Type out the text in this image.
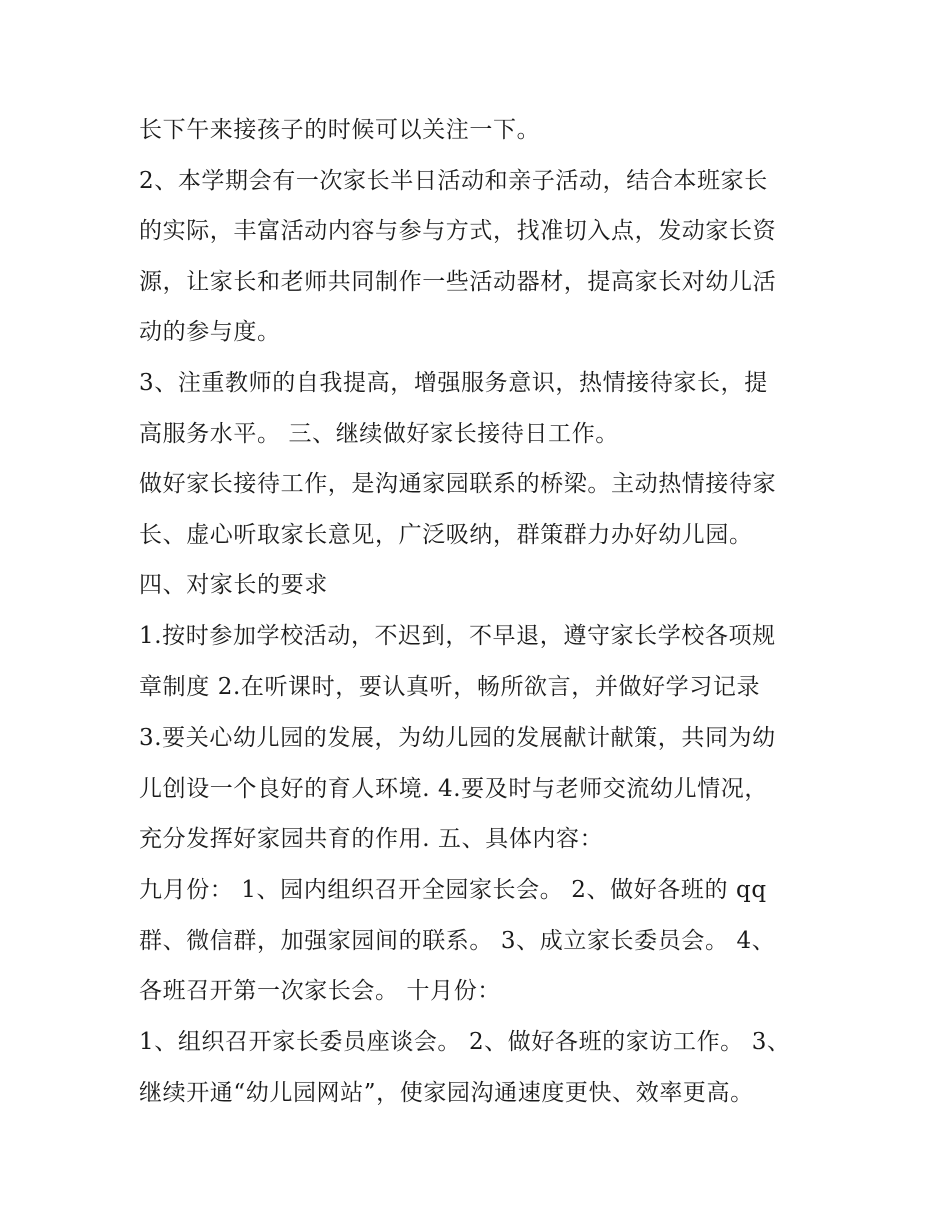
长下午来接孩子的时候可以关注一下。
2、本学期会有一次家长半日活动和亲子活动，结合本班家长
的实际，丰富活动内容与参与方式，找准切入点，发动家长资
源，让家长和老师共同制作一些活动器材，提高家长对幼儿活
动的参与度。
3、注重教师的自我提高，增强服务意识，热情接待家长，提
高服务水平。 三、继续做好家长接待日工作。
做好家长接待工作，是沟通家园联系的桥梁。主动热情接待家
长、虚心听取家长意见，广泛吸纳，群策群力办好幼儿园。
四、对家长的要求
1.按时参加学校活动，不迟到，不早退，遵守家长学校各项规
章制度 2.在听课时，要认真听，畅所欲言，并做好学习记录
3.要关心幼儿园的发展，为幼儿园的发展献计献策，共同为幼
儿创设一个良好的育人环境. 4.要及时与老师交流幼儿情况，
充分发挥好家园共育的作用. 五、具体内容：
九月份： 1、园内组织召开全园家长会。 2、做好各班的 qq
群、微信群，加强家园间的联系。 3、成立家长委员会。 4、
各班召开第一次家长会。 十月份：
1、组织召开家长委员座谈会。 2、做好各班的家访工作。 3、
继续开通“幼儿园网站”，使家园沟通速度更快、效率更高。
